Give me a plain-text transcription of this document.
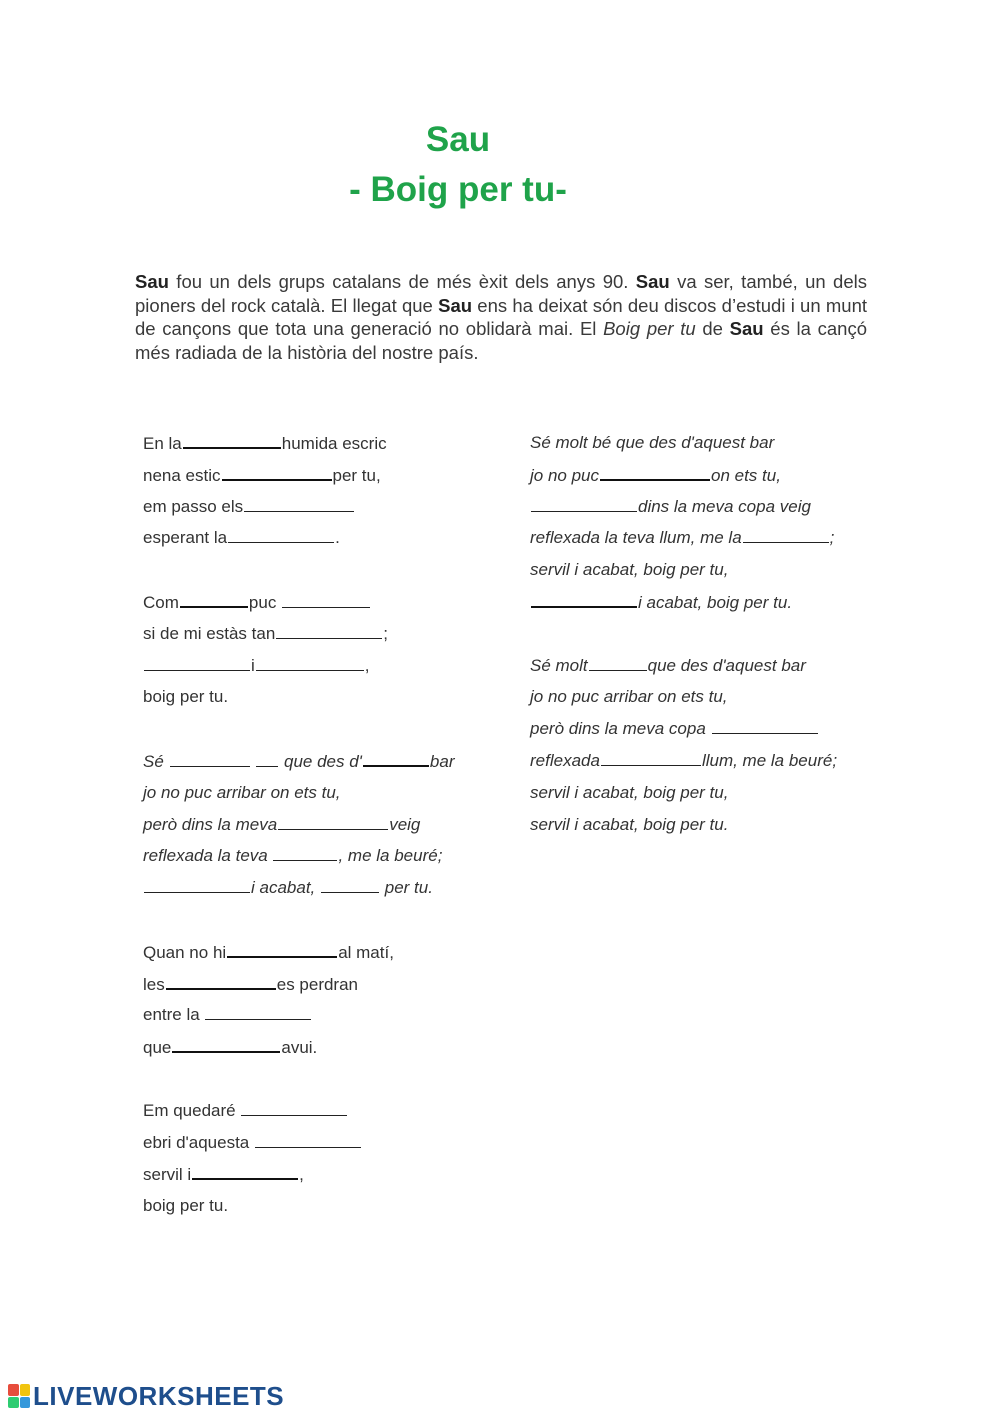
Sau
- Boig per tu-

Sau fou un dels grups catalans de més èxit dels anys 90. Sau va ser, també, un dels pioners del rock català. El llegat que Sau ens ha deixat són deu discos d’estudi i un munt de cançons que tota una generació no oblidarà mai. El Boig per tu de Sau és la cançó més radiada de la història del nostre país.

En la	humida escric
nena estic	per tu,
em passo els
esperant la	.
Com	puc
si de mi estàs tan	;
i	,
boig per tu.
Sé	que des d'	bar
jo no puc arribar on ets tu,
però dins la meva	veig
reflexada la teva	, me la beuré;
i acabat,	per tu.
Quan no hi	al matí,
les	es perdran
entre la
que	avui.
Em quedaré
ebri d'aquesta
servil i	,
boig per tu.
Sé molt bé que des d'aquest bar
jo no puc	on ets tu,
dins la meva copa veig
reflexada la teva llum, me la	;
servil i acabat, boig per tu,
i acabat, boig per tu.
Sé molt	que des d'aquest bar
jo no puc arribar on ets tu,
però dins la meva copa
reflexada	llum, me la beuré;
servil i acabat, boig per tu,
servil i acabat, boig per tu.
LIVEWORKSHEETS
